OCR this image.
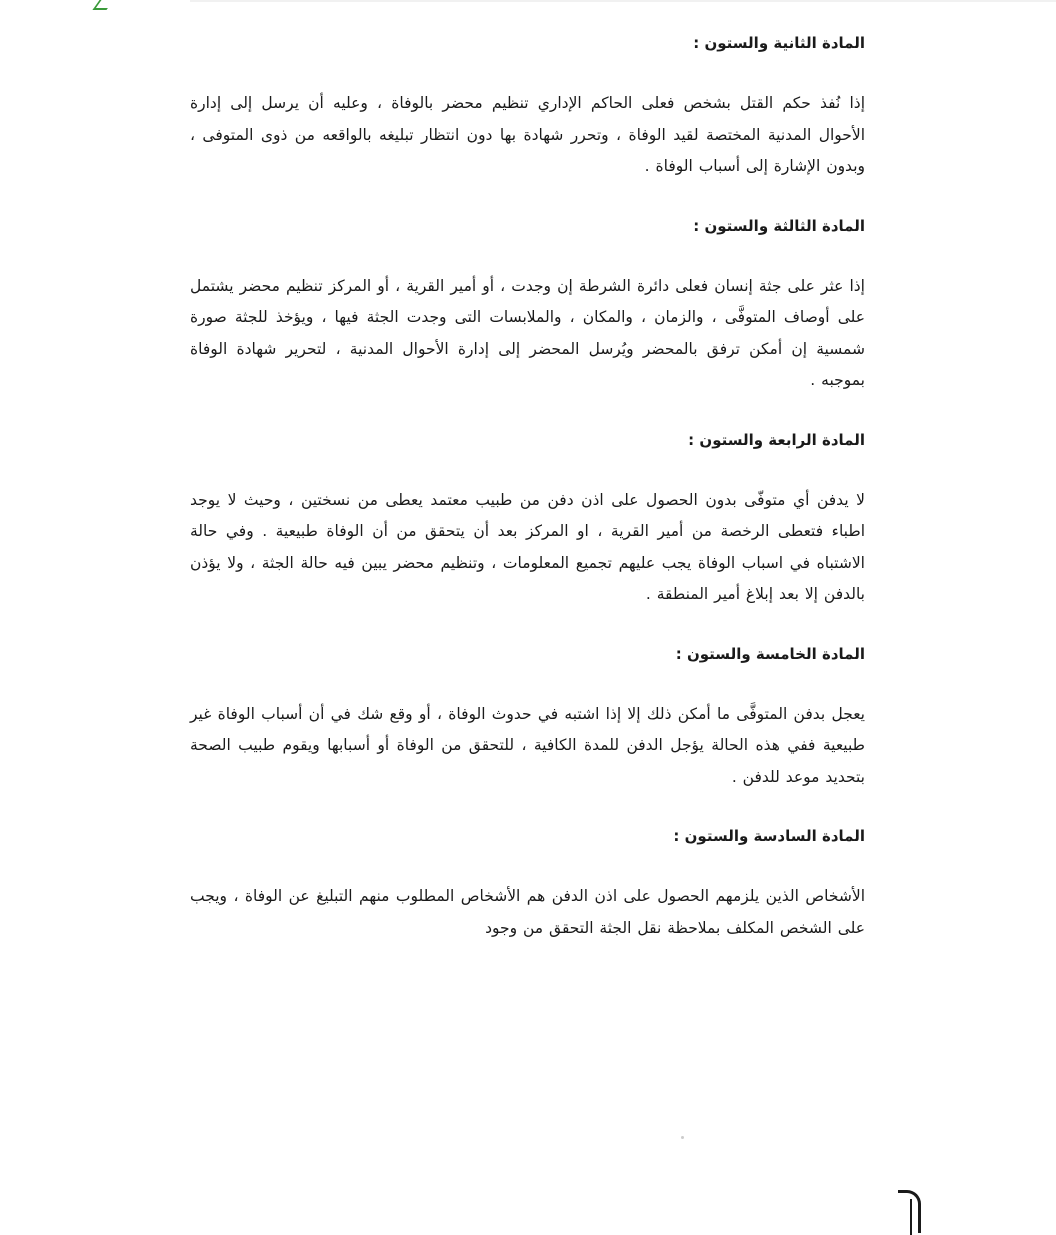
المادة الثانية والستون :

إذا نُفذ حكم القتل بشخص فعلى الحاكم الإداري تنظيم محضر بالوفاة ، وعليه أن يرسل إلى إدارة الأحوال المدنية المختصة لقيد الوفاة ، وتحرر شهادة بها دون انتظار تبليغه بالواقعه من ذوى المتوفى ، وبدون الإشارة إلى أسباب الوفاة .

المادة الثالثة والستون :

إذا عثر على جثة إنسان فعلى دائرة الشرطة إن وجدت ، أو أمير القرية ، أو المركز تنظيم محضر يشتمل على أوصاف المتوفَّى ، والزمان ، والمكان ، والملابسات التى وجدت الجثة فيها ، ويؤخذ للجثة صورة شمسية إن أمكن ترفق بالمحضر ويُرسل المحضر إلى إدارة الأحوال المدنية ، لتحرير شهادة الوفاة بموجبه .

المادة الرابعة والستون :

لا يدفن أي متوفّى بدون الحصول على اذن دفن من طبيب معتمد يعطى من نسختين ، وحيث لا يوجد اطباء فتعطى الرخصة من أمير القرية ، او المركز بعد أن يتحقق من أن الوفاة طبيعية . وفي حالة الاشتباه في اسباب الوفاة يجب عليهم تجميع المعلومات ، وتنظيم محضر يبين فيه حالة الجثة ، ولا يؤذن بالدفن إلا بعد إبلاغ أمير المنطقة .

المادة الخامسة والستون :

يعجل بدفن المتوفَّى ما أمكن ذلك إلا إذا اشتبه في حدوث الوفاة ، أو وقع شك في أن أسباب الوفاة غير طبيعية ففي هذه الحالة يؤجل الدفن للمدة الكافية ، للتحقق من الوفاة أو أسبابها ويقوم طبيب الصحة بتحديد موعد للدفن .

المادة السادسة والستون :

الأشخاص الذين يلزمهم الحصول على اذن الدفن هم الأشخاص المطلوب منهم التبليغ عن الوفاة ، ويجب على الشخص المكلف بملاحظة نقل الجثة التحقق من وجود
